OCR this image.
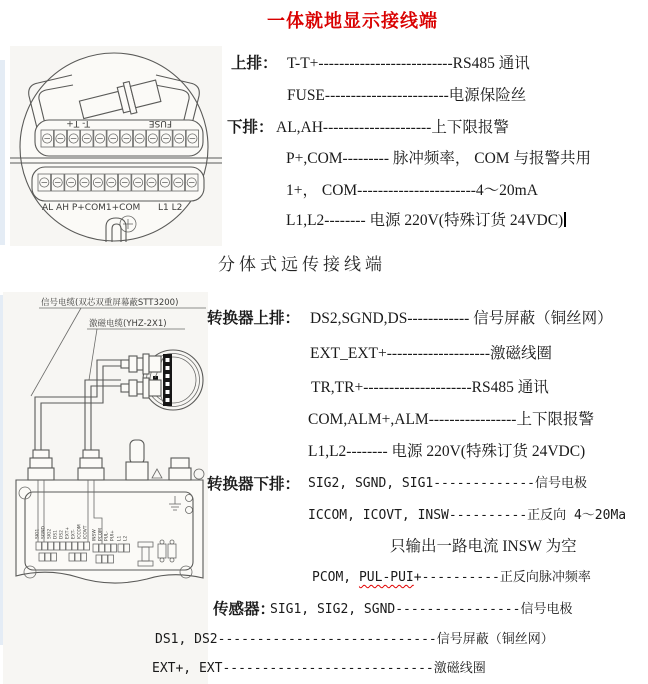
一体就地显示接线端
T- T+	FUSE
AL AH P+COM1+COM L1 L2
上排： T-T+--------------------------RS485 通讯
FUSE------------------------电源保险丝
下排： AL,AH---------------------上下限报警
P+,COM--------- 脉冲频率， COM 与报警共用
1+， COM-----------------------4～20mA
L1,L2-------- 电源 220V(特殊订货 24VDC)
分体式远传接线端
信号电缆(双芯双重屏幕蔽STT3200)
激磁电缆(YHZ-2X1)
SIG1 SGND SIG2 DS1 DS2 EXT+ EXT- ICCOM ICOVT INSW PCOM PUL- PUI+ L1 L2
转换器上排： DS2,SGND,DS------------ 信号屏蔽（铜丝网）
EXT_EXT+--------------------激磁线圈
TR,TR+---------------------RS485 通讯
COM,ALM+,ALM-----------------上下限报警
L1,L2-------- 电源 220V(特殊订货 24VDC)
转换器下排： SIG2, SGND, SIG1-------------信号电极
ICCOM, ICOVT, INSW----------正反向 4～20Ma
只输出一路电流 INSW 为空
PCOM, PUL-PUI+----------正反向脉冲频率
传感器：
SIG1, SIG2, SGND----------------信号电极
DS1, DS2----------------------------信号屏蔽（铜丝网）
EXT+, EXT---------------------------激磁线圈
